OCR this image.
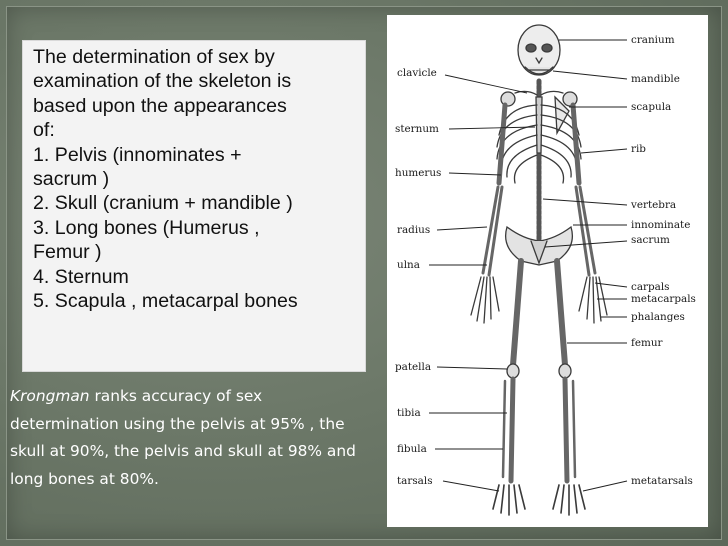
The determination of sex by
examination of the skeleton is
based upon the appearances
of:
1. Pelvis (innominates +
sacrum )
2. Skull (cranium + mandible )
3. Long bones (Humerus ,
Femur )
4. Sternum
5. Scapula , metacarpal bones

Krongman ranks accuracy of sex determination using the pelvis at 95% , the skull at 90%, the pelvis and skull at 98% and long bones at 80%.
cranium
clavicle	mandible
scapula
sternum
rib
humerus
vertebra
innominate
sacrum
radius
ulna
carpals
metacarpals
phalanges
femur
patella
tibia
fibula
tarsals	metatarsals
